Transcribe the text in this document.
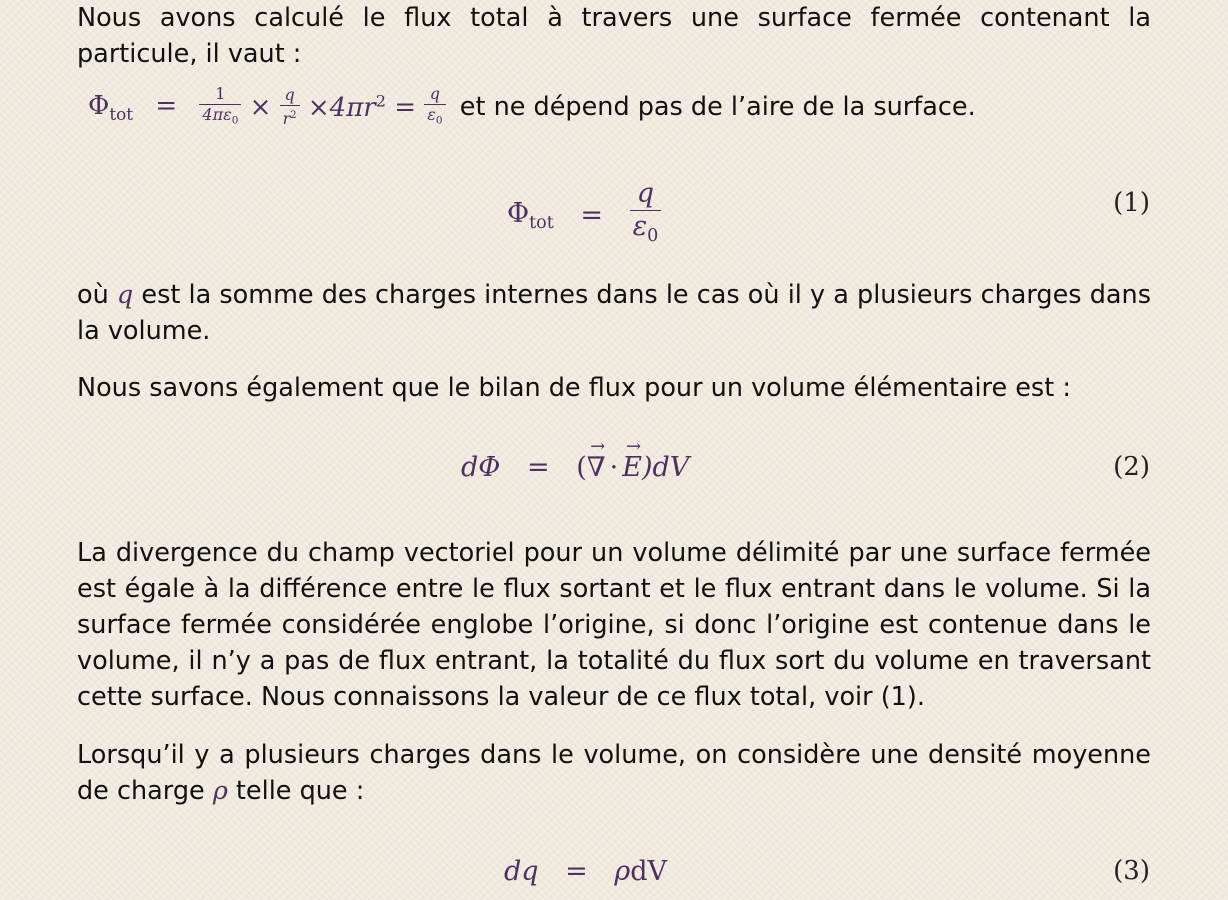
Nous avons calculé le flux total à travers une surface fermée contenant la particule, il vaut :

$\Phi_{tot} = \frac{1}{4\pi\varepsilon_0} \times \frac{q}{r^2} \times 4\pi r^2 = \frac{q}{\varepsilon_0}$ et ne dépend pas de l’aire de la surface.
$\Phi_{tot} = \frac{q}{\varepsilon_0}$	(1)

où q est la somme des charges internes dans le cas où il y a plusieurs charges dans la volume.

Nous savons également que le bilan de flux pour un volume élémentaire est :

dΦ = (→ ∇ ·→ E)dV	(2)

La divergence du champ vectoriel pour un volume délimité par une surface fermée est égale à la différence entre le flux sortant et le flux entrant dans le volume. Si la surface fermée considérée englobe l’origine, si donc l’origine est contenue dans le volume, il n’y a pas de flux entrant, la totalité du flux sort du volume en traversant cette surface. Nous connaissons la valeur de ce flux total, voir (1).

Lorsqu’il y a plusieurs charges dans le volume, on considère une densité moyenne de charge ρ telle que :

dq = ρdV	(3)
